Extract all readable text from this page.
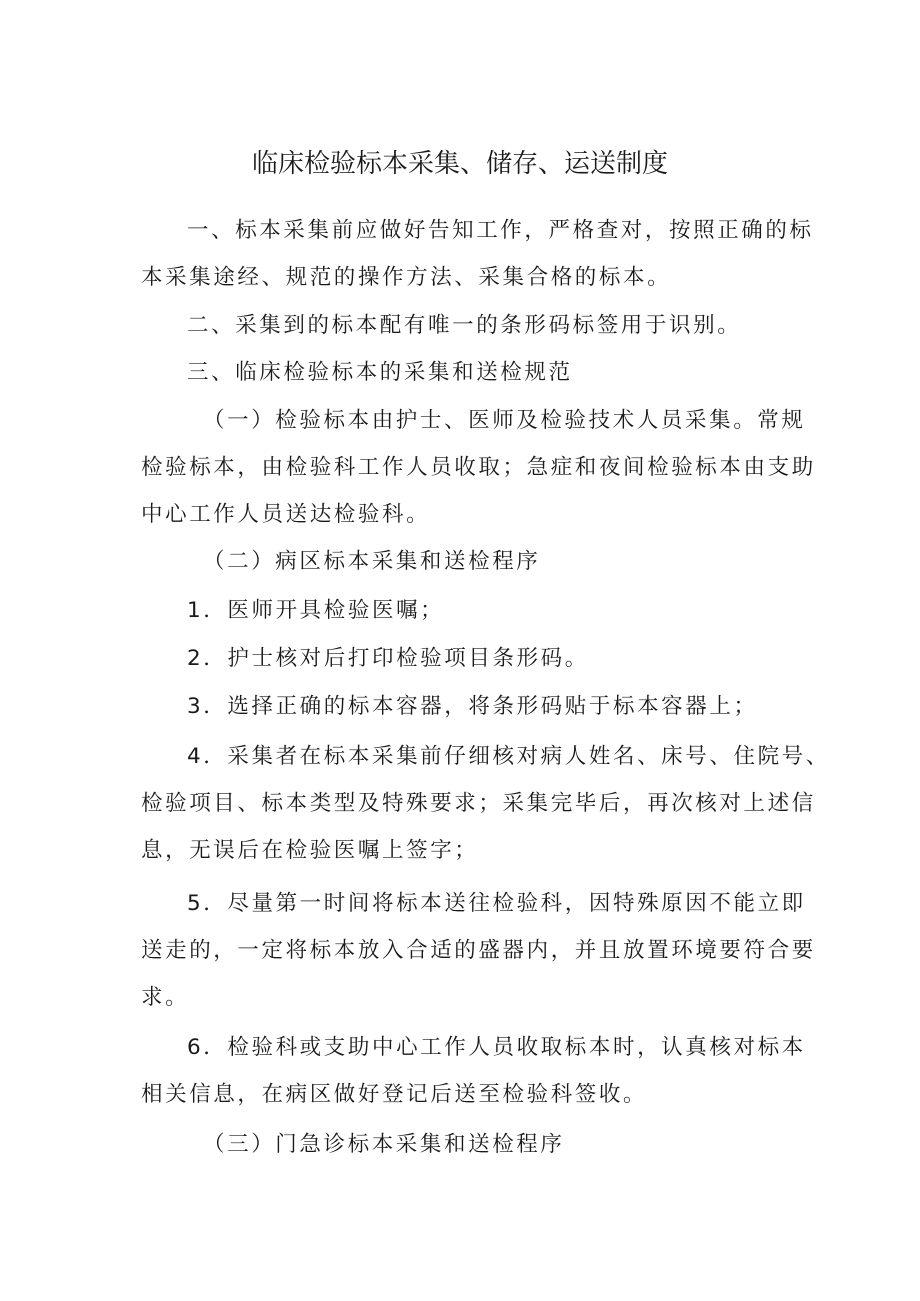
临床检验标本采集、储存、运送制度
一、标本采集前应做好告知工作，严格查对，按照正确的标
本采集途经、规范的操作方法、采集合格的标本。
二、采集到的标本配有唯一的条形码标签用于识别。
三、临床检验标本的采集和送检规范
（一）检验标本由护士、医师及检验技术人员采集。常规
检验标本，由检验科工作人员收取；急症和夜间检验标本由支助
中心工作人员送达检验科。
（二）病区标本采集和送检程序
1．医师开具检验医嘱；
2．护士核对后打印检验项目条形码。
3．选择正确的标本容器，将条形码贴于标本容器上；
4．采集者在标本采集前仔细核对病人姓名、床号、住院号、
检验项目、标本类型及特殊要求；采集完毕后，再次核对上述信
息，无误后在检验医嘱上签字；
5．尽量第一时间将标本送往检验科，因特殊原因不能立即
送走的，一定将标本放入合适的盛器内，并且放置环境要符合要
求。
6．检验科或支助中心工作人员收取标本时，认真核对标本
相关信息，在病区做好登记后送至检验科签收。
（三）门急诊标本采集和送检程序
